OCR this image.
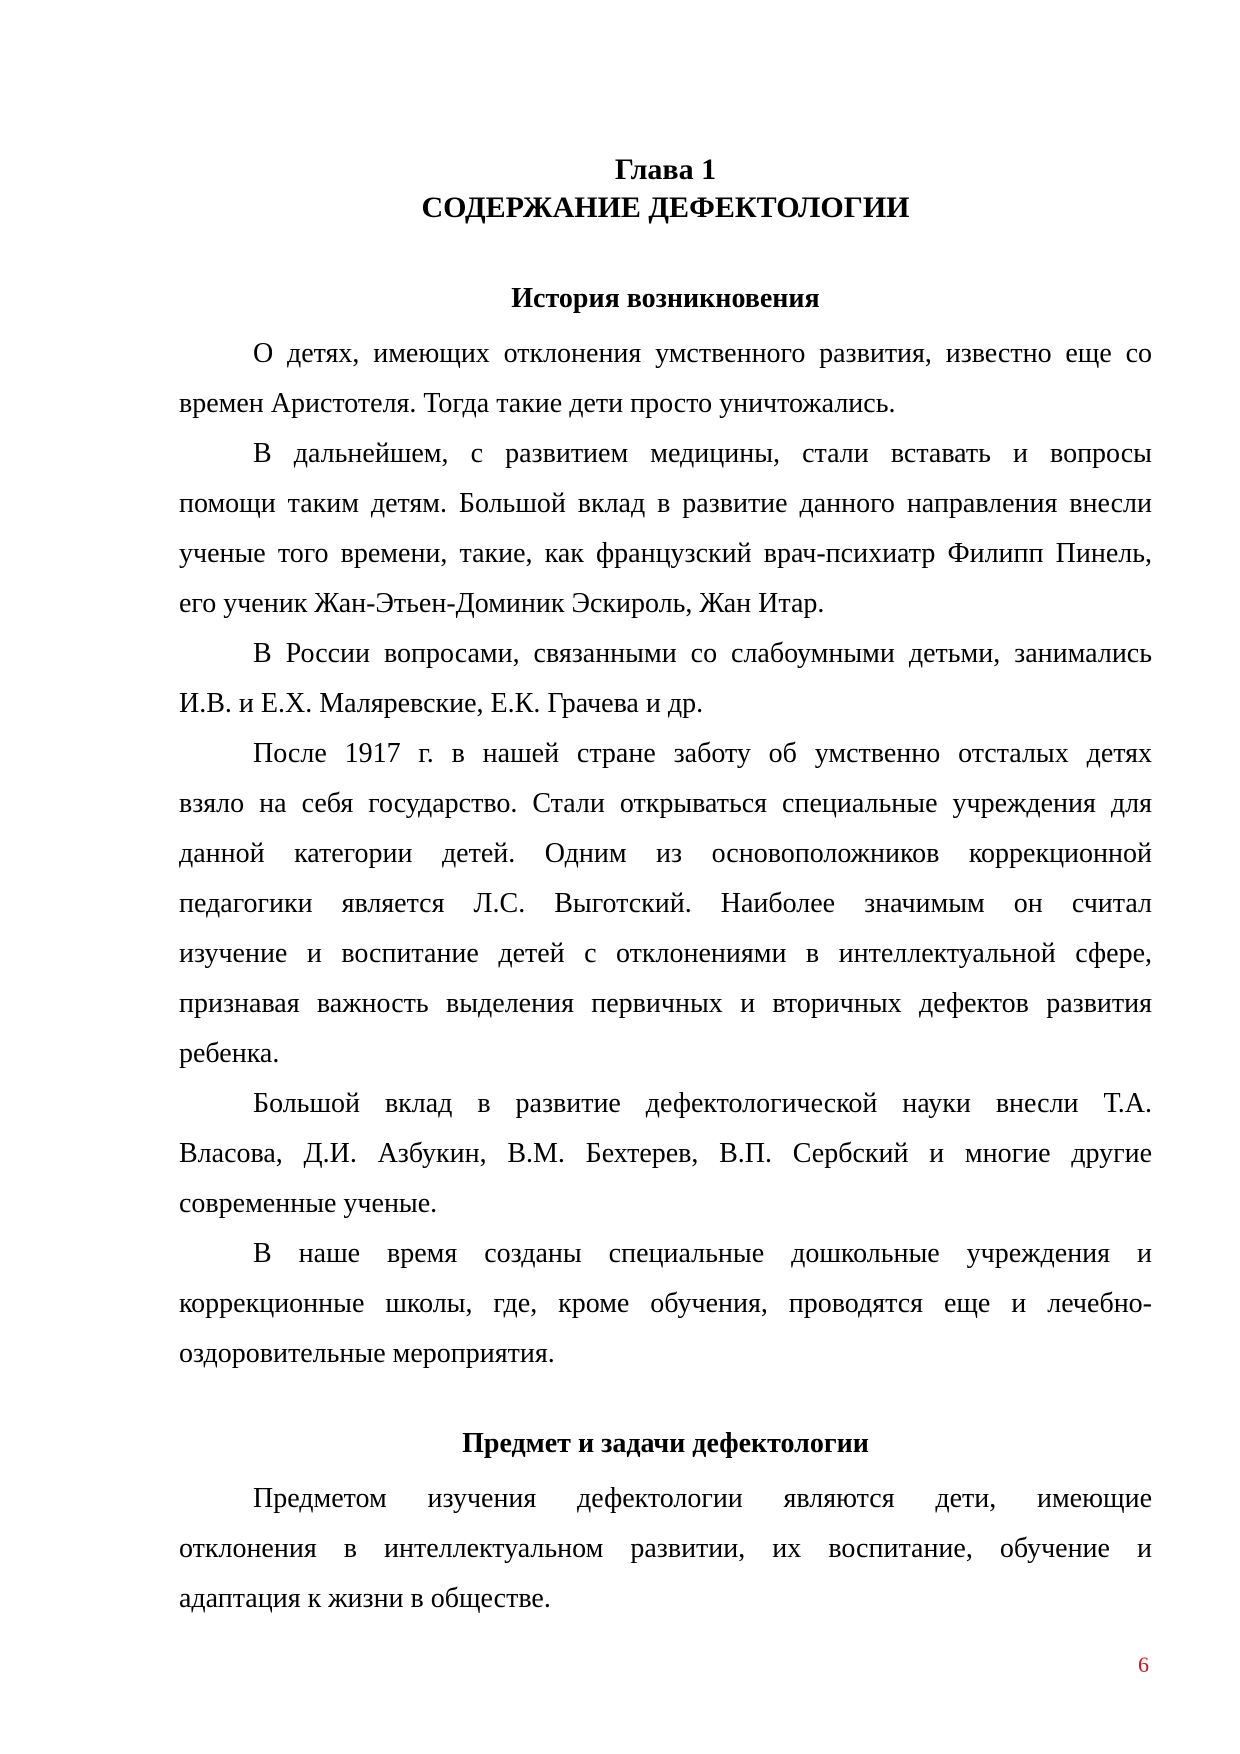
Глава 1
СОДЕРЖАНИЕ ДЕФЕКТОЛОГИИ
История возникновения
О детях, имеющих отклонения умственного развития, известно еще со
времен Аристотеля. Тогда такие дети просто уничтожались.
В дальнейшем, с развитием медицины, стали вставать и вопросы
помощи таким детям. Большой вклад в развитие данного направления внесли
ученые того времени, такие, как французский врач-психиатр Филипп Пинель,
его ученик Жан-Этьен-Доминик Эскироль, Жан Итар.
В России вопросами, связанными со слабоумными детьми, занимались
И.В. и Е.Х. Маляревские, Е.К. Грачева и др.
После 1917 г. в нашей стране заботу об умственно отсталых детях
взяло на себя государство. Стали открываться специальные учреждения для
данной категории детей. Одним из основоположников коррекционной
педагогики является Л.С. Выготский. Наиболее значимым он считал
изучение и воспитание детей с отклонениями в интеллектуальной сфере,
признавая важность выделения первичных и вторичных дефектов развития
ребенка.
Большой вклад в развитие дефектологической науки внесли Т.А.
Власова, Д.И. Азбукин, В.М. Бехтерев, В.П. Сербский и многие другие
современные ученые.
В наше время созданы специальные дошкольные учреждения и
коррекционные школы, где, кроме обучения, проводятся еще и лечебно-
оздоровительные мероприятия.
Предмет и задачи дефектологии
Предметом изучения дефектологии являются дети, имеющие
отклонения в интеллектуальном развитии, их воспитание, обучение и
адаптация к жизни в обществе.
6
